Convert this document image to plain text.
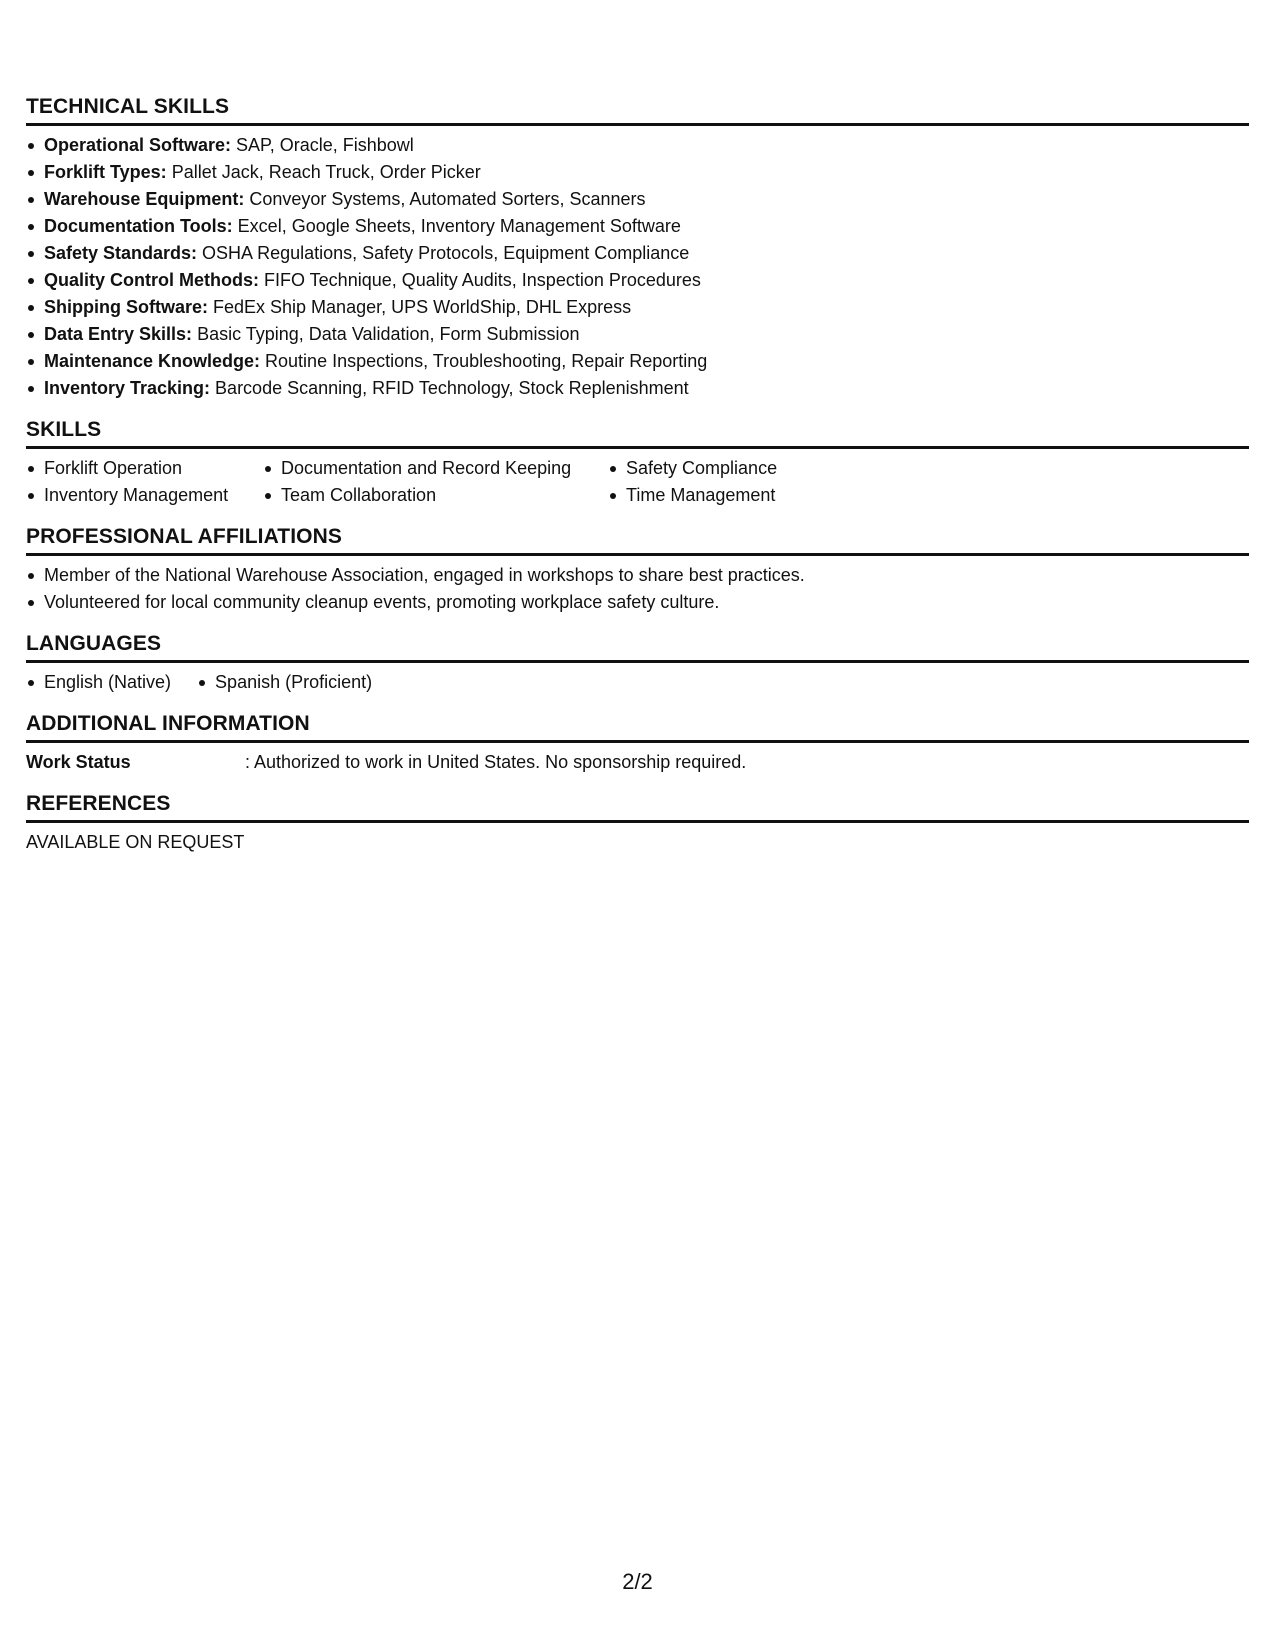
TECHNICAL SKILLS
Operational Software: SAP, Oracle, Fishbowl
Forklift Types: Pallet Jack, Reach Truck, Order Picker
Warehouse Equipment: Conveyor Systems, Automated Sorters, Scanners
Documentation Tools: Excel, Google Sheets, Inventory Management Software
Safety Standards: OSHA Regulations, Safety Protocols, Equipment Compliance
Quality Control Methods: FIFO Technique, Quality Audits, Inspection Procedures
Shipping Software: FedEx Ship Manager, UPS WorldShip, DHL Express
Data Entry Skills: Basic Typing, Data Validation, Form Submission
Maintenance Knowledge: Routine Inspections, Troubleshooting, Repair Reporting
Inventory Tracking: Barcode Scanning, RFID Technology, Stock Replenishment
SKILLS
Forklift Operation
Inventory Management
Documentation and Record Keeping
Team Collaboration
Safety Compliance
Time Management
PROFESSIONAL AFFILIATIONS
Member of the National Warehouse Association, engaged in workshops to share best practices.
Volunteered for local community cleanup events, promoting workplace safety culture.
LANGUAGES
English (Native)	Spanish (Proficient)
ADDITIONAL INFORMATION
Work Status	: Authorized to work in United States. No sponsorship required.
REFERENCES
AVAILABLE ON REQUEST
2/2
